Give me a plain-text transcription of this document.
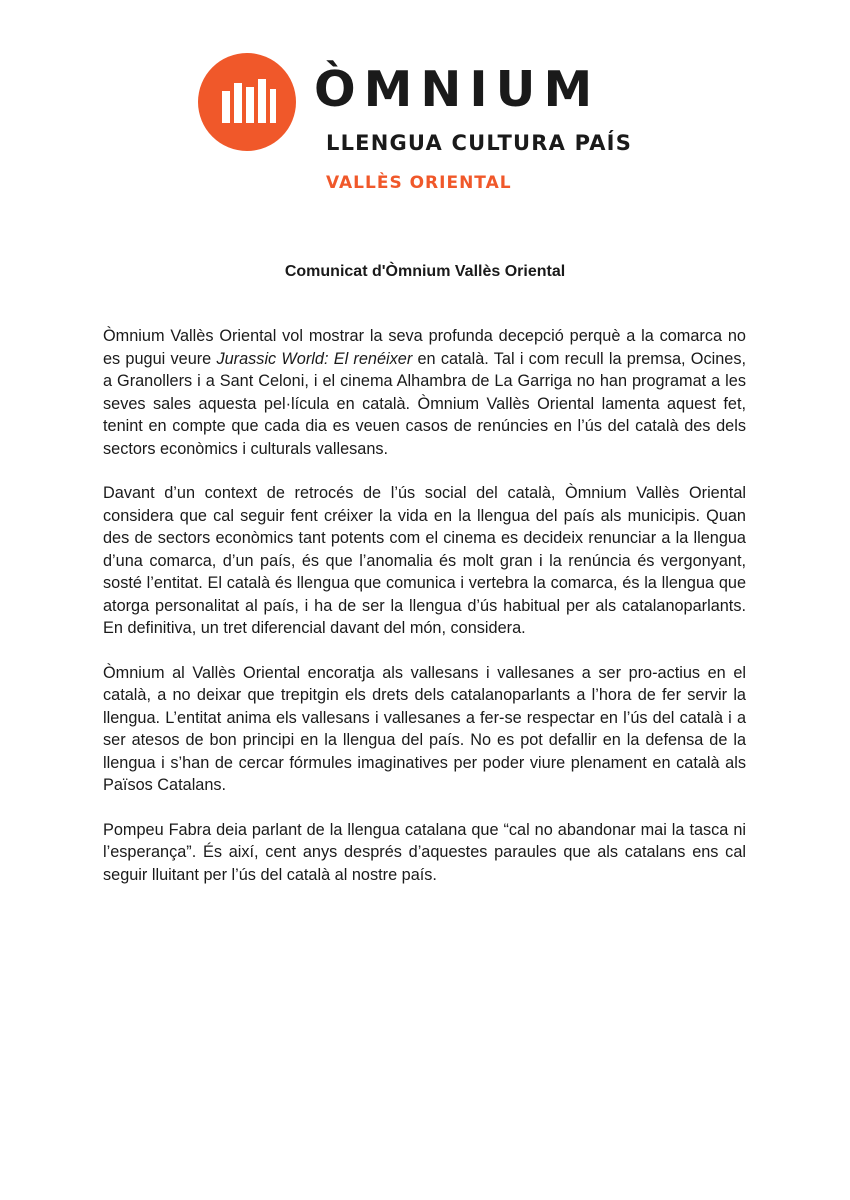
ÒMNIUM
LLENGUA CULTURA PAÍS
VALLÈS ORIENTAL
Comunicat d'Òmnium Vallès Oriental

Òmnium Vallès Oriental vol mostrar la seva profunda decepció perquè a la comarca no es pugui veure Jurassic World: El renéixer en català. Tal i com recull la premsa, Ocines, a Granollers i a Sant Celoni, i el cinema Alhambra de La Garriga no han programat a les seves sales aquesta pel·lícula en català. Òmnium Vallès Oriental lamenta aquest fet, tenint en compte que cada dia es veuen casos de renúncies en l’ús del català des dels sectors econòmics i culturals vallesans.

Davant d’un context de retrocés de l’ús social del català, Òmnium Vallès Oriental considera que cal seguir fent créixer la vida en la llengua del país als municipis. Quan des de sectors econòmics tant potents com el cinema es decideix renunciar a la llengua d’una comarca, d’un país, és que l’anomalia és molt gran i la renúncia és vergonyant, sosté l’entitat. El català és llengua que comunica i vertebra la comarca, és la llengua que atorga personalitat al país, i ha de ser la llengua d’ús habitual per als catalanoparlants. En definitiva, un tret diferencial davant del món, considera.

Òmnium al Vallès Oriental encoratja als vallesans i vallesanes a ser pro-actius en el català, a no deixar que trepitgin els drets dels catalanoparlants a l’hora de fer servir la llengua. L’entitat anima els vallesans i vallesanes a fer-se respectar en l’ús del català i a ser atesos de bon principi en la llengua del país. No es pot defallir en la defensa de la llengua i s’han de cercar fórmules imaginatives per poder viure plenament en català als Països Catalans.

Pompeu Fabra deia parlant de la llengua catalana que “cal no abandonar mai la tasca ni l’esperança”. És així, cent anys després d’aquestes paraules que als catalans ens cal seguir lluitant per l’ús del català al nostre país.
